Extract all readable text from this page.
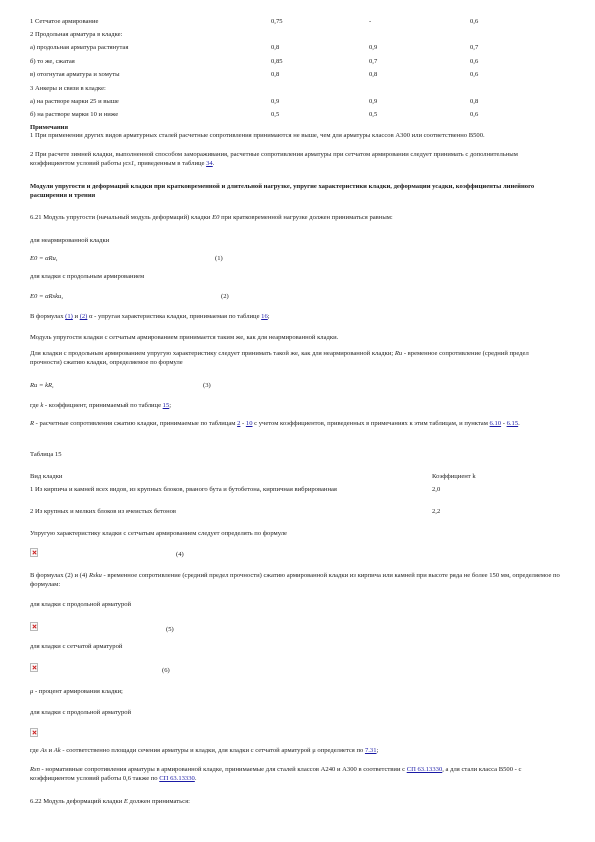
1 Сетчатое армирование	0,75	-	0,6
2 Продольная арматура в кладке:
а) продольная арматура растянутая	0,8	0,9	0,7
б) то же, сжатая	0,85	0,7	0,6
в) отогнутая арматура и хомуты	0,8	0,8	0,6
3 Анкеры и связи в кладке:
а) на растворе марки 25 и выше	0,9	0,9	0,8
б) на растворе марки 10 и ниже	0,5	0,5	0,6
Примечания
1 При применении других видов арматурных сталей расчетные сопротивления принимаются не выше, чем для арматуры классов А300 или соответственно В500.
2 При расчете зимней кладки, выполненной способом замораживания, расчетные сопротивления арматуры при сетчатом армировании следует принимать с дополнительным коэффициентом условий работы γcs1, приведенным в таблице 34.
Модули упругости и деформаций кладки при кратковременной и длительной нагрузке, упругие характеристики кладки, деформации усадки, коэффициенты линейного расширения и трения
6.21 Модуль упругости (начальный модуль деформаций) кладки E0 при кратковременной нагрузке должен приниматься равным:
для неармированной кладки
E0 = αRu,	(1)
для кладки с продольным армированием
E0 = αRsku,	(2)
В формулах (1) и (2) α - упругая характеристика кладки, принимаемая по таблице 16;
Модуль упругости кладки с сетчатым армированием принимается таким же, как для неармированной кладки.
Для кладки с продольным армированием упругую характеристику следует принимать такой же, как для неармированной кладки; Ru - временное сопротивление (средний предел прочности) сжатию кладки, определяемое по формуле
Ru = kR,	(3)
где k - коэффициент, принимаемый по таблице 15;
R - расчетные сопротивления сжатию кладки, принимаемые по таблицам 2 - 10 с учетом коэффициентов, приведенных в примечаниях к этим таблицам, и пунктам 6.10 - 6.15.
Таблица 15
Вид кладки	Коэффициент k
1 Из кирпича и камней всех видов, из крупных блоков, рваного бута и бутобетона, кирпичная вибрированная	2,0
2 Из крупных и мелких блоков из ячеистых бетонов	2,2
Упругую характеристику кладки с сетчатым армированием следует определять по формуле
(4)
В формулах (2) и (4) Rsku - временное сопротивление (средний предел прочности) сжатию армированной кладки из кирпича или камней при высоте ряда не более 150 мм, определяемое по формулам:
для кладки с продольной арматурой
(5)
для кладки с сетчатой арматурой
(6)
μ - процент армирования кладки;
для кладки с продольной арматурой
где As и Ak - соответственно площади сечения арматуры и кладки, для кладки с сетчатой арматурой μ определяется по 7.31;
Rsn - нормативные сопротивления арматуры в армированной кладке, принимаемые для сталей классов А240 и А300 в соответствии с СП 63.13330, а для стали класса В500 - с коэффициентом условий работы 0,6 также по СП 63.13330.
6.22 Модуль деформаций кладки E должен приниматься:
